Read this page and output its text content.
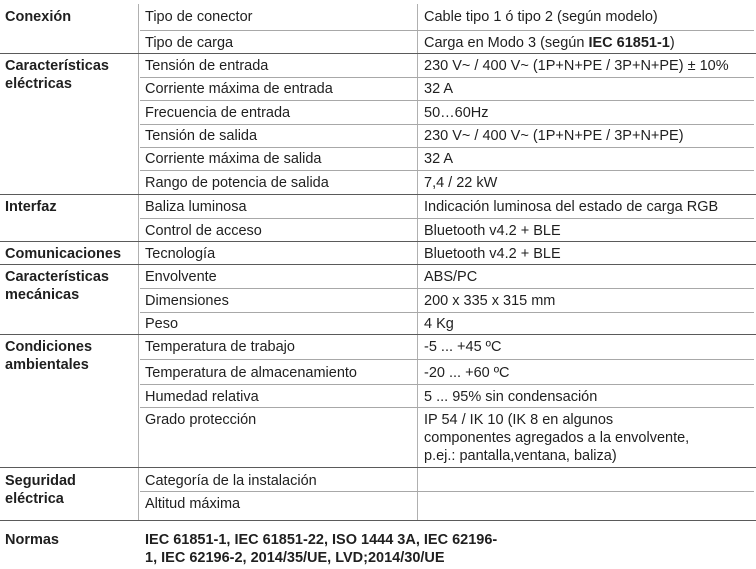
Conexión	Tipo de conector	Cable tipo 1 ó tipo 2 (según modelo)
Tipo de carga	Carga en Modo 3 (según IEC 61851-1)
Características eléctricas
Tensión de entrada	230 V~ / 400 V~ (1P+N+PE / 3P+N+PE) ± 10%
Corriente máxima de entrada	32 A
Frecuencia de entrada	50…60Hz
Tensión de salida	230 V~ / 400 V~ (1P+N+PE / 3P+N+PE)
Corriente máxima de salida	32 A
Rango de potencia de salida	7,4 / 22 kW
Interfaz	Baliza luminosa	Indicación luminosa del estado de carga RGB
Control de acceso	Bluetooth v4.2 + BLE
Comunicaciones	Tecnología	Bluetooth v4.2 + BLE
Características mecánicas
Envolvente	ABS/PC
Dimensiones	200 x 335 x 315 mm
Peso	4 Kg
Condiciones ambientales
Temperatura de trabajo	-5 ... +45 ºC
Temperatura de almacenamiento	-20 ... +60 ºC
Humedad relativa	5 ... 95% sin condensación
Grado protección	IP 54 / IK 10 (IK 8 en algunos
componentes agregados a la envolvente,
p.ej.: pantalla,ventana, baliza)
Seguridad eléctrica
Categoría de la instalación
Altitud máxima
Normas	IEC 61851-1, IEC 61851-22, ISO 1444 3A, IEC 62196-
1, IEC 62196-2, 2014/35/UE, LVD;2014/30/UE
